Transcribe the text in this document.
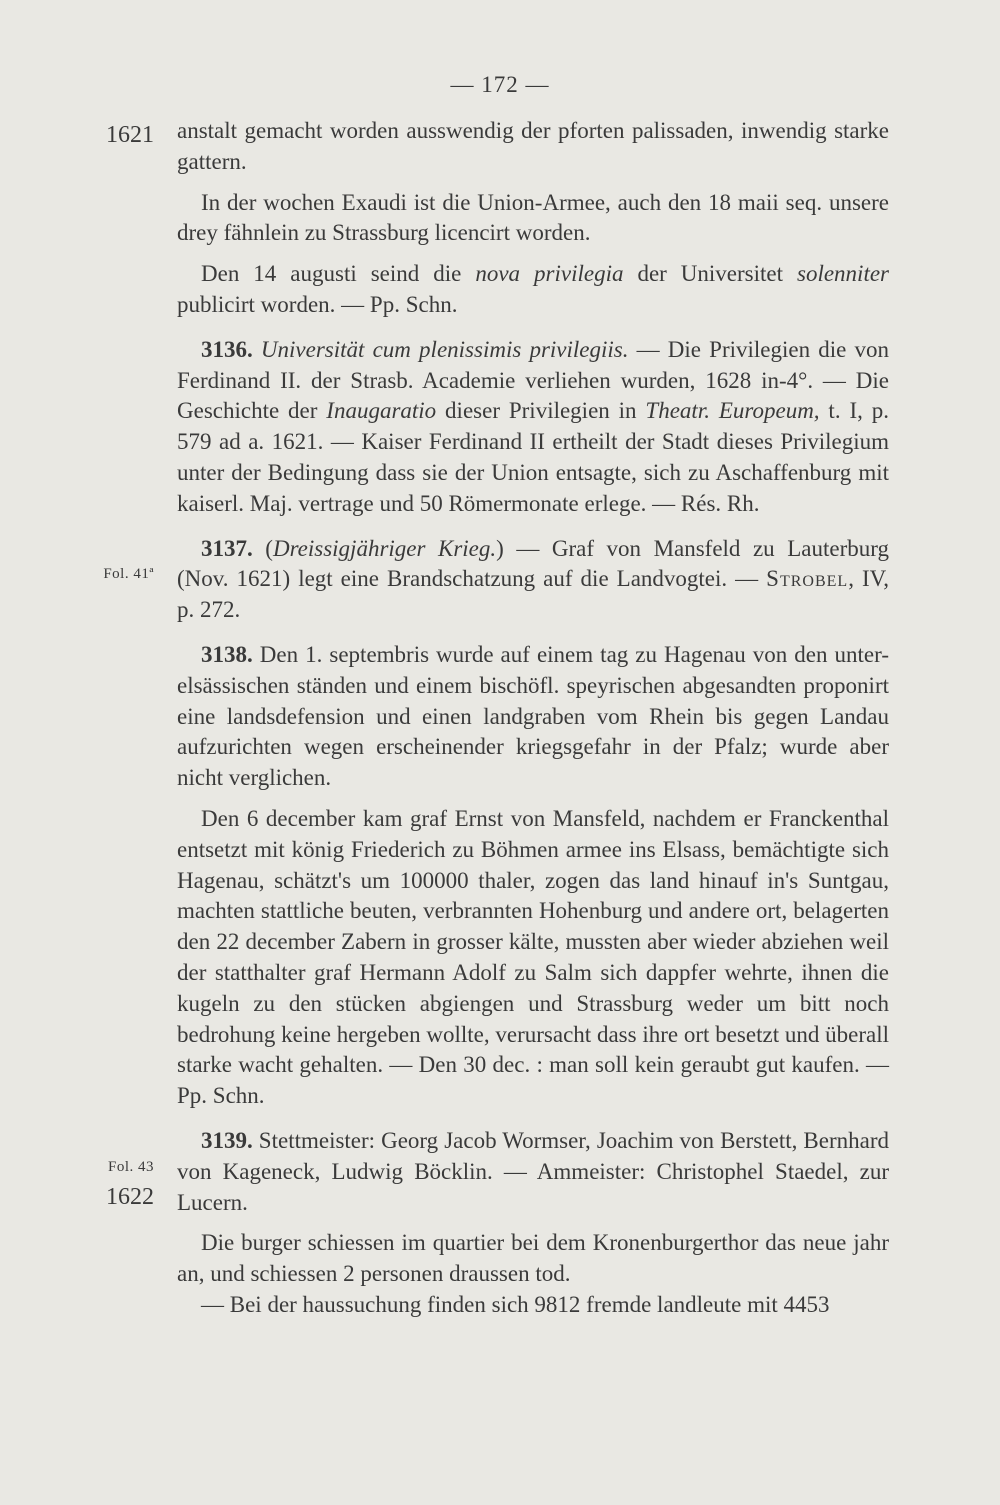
— 172 —
1621
Fol. 41ª
Fol. 43
1622

anstalt gemacht worden ausswendig der pforten palissaden, inwendig starke gattern.

In der wochen Exaudi ist die Union-Armee, auch den 18 maii seq. unsere drey fähnlein zu Strassburg licencirt worden.

Den 14 augusti seind die nova privilegia der Universitet solenniter publicirt worden. — Pp. Schn.

3136. Universität cum plenissimis privilegiis. — Die Privilegien die von Ferdinand II. der Strasb. Academie verliehen wurden, 1628 in-4°. — Die Geschichte der Inaugaratio dieser Privilegien in Theatr. Europeum, t. I, p. 579 ad a. 1621. — Kaiser Ferdinand II ertheilt der Stadt dieses Privilegium unter der Bedingung dass sie der Union entsagte, sich zu Aschaffenburg mit kaiserl. Maj. vertrage und 50 Römermonate erlege. — Rés. Rh.

3137. (Dreissigjähriger Krieg.) — Graf von Mansfeld zu Lauterburg (Nov. 1621) legt eine Brandschatzung auf die Landvogtei. — Strobel, IV, p. 272.

3138. Den 1. septembris wurde auf einem tag zu Hagenau von den unter-elsässischen ständen und einem bischöfl. speyrischen abgesandten proponirt eine landsdefension und einen landgraben vom Rhein bis gegen Landau aufzurichten wegen erscheinender kriegsgefahr in der Pfalz; wurde aber nicht verglichen.

Den 6 december kam graf Ernst von Mansfeld, nachdem er Franckenthal entsetzt mit könig Friederich zu Böhmen armee ins Elsass, bemächtigte sich Hagenau, schätzt's um 100000 thaler, zogen das land hinauf in's Suntgau, machten stattliche beuten, verbrannten Hohenburg und andere ort, belagerten den 22 december Zabern in grosser kälte, mussten aber wieder abziehen weil der statthalter graf Hermann Adolf zu Salm sich dappfer wehrte, ihnen die kugeln zu den stücken abgiengen und Strassburg weder um bitt noch bedrohung keine hergeben wollte, verursacht dass ihre ort besetzt und überall starke wacht gehalten. — Den 30 dec. : man soll kein geraubt gut kaufen. — Pp. Schn.

3139. Stettmeister: Georg Jacob Wormser, Joachim von Berstett, Bernhard von Kageneck, Ludwig Böcklin. — Ammeister: Christophel Staedel, zur Lucern.

Die burger schiessen im quartier bei dem Kronenburgerthor das neue jahr an, und schiessen 2 personen draussen tod.

— Bei der haussuchung finden sich 9812 fremde landleute mit 4453
